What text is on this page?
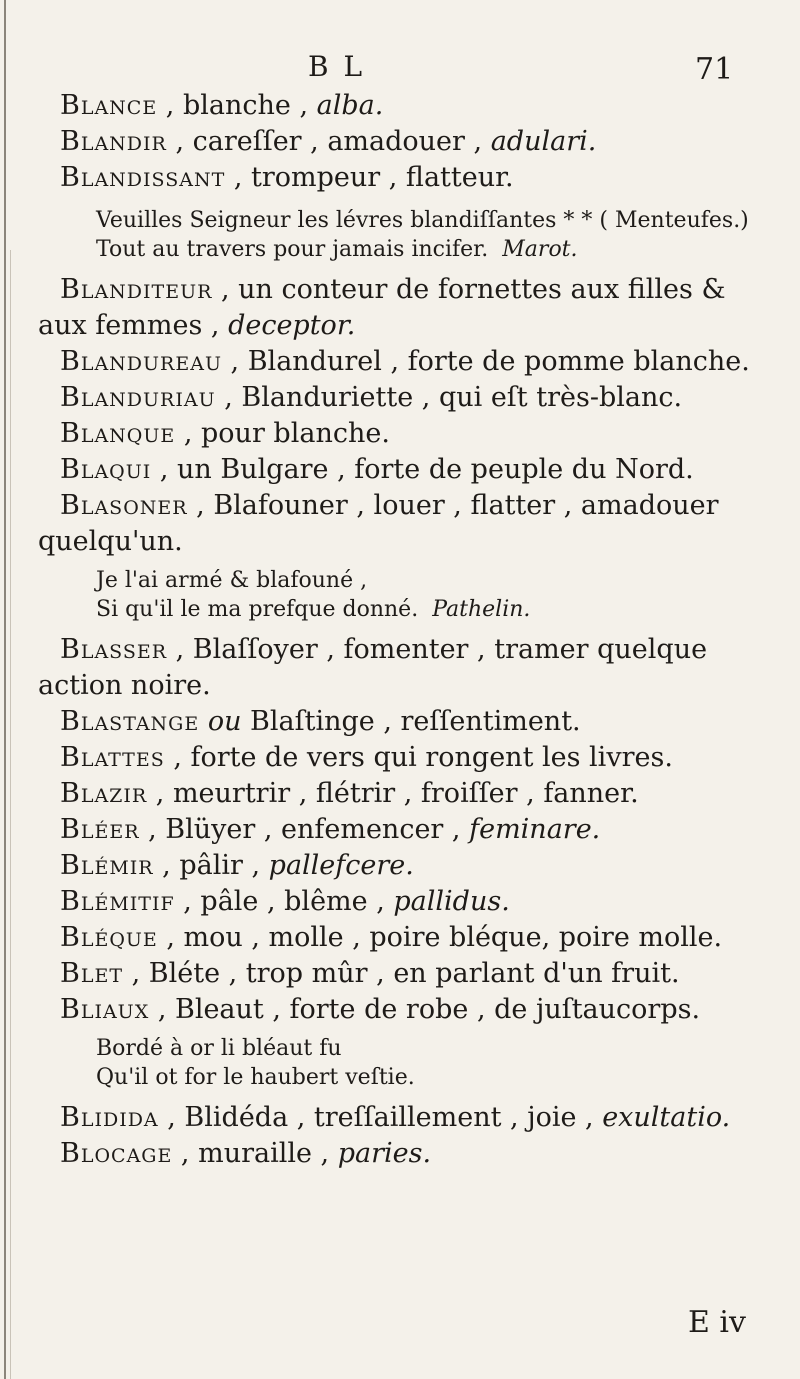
B L	71

Blance , blanche , alba.

Blandir , careſſer , amadouer , adulari.

Blandissant , trompeur , flatteur.

Veuilles Seigneur les lévres blandiſſantes * * ( Menteufes.)
Tout au travers pour jamais incifer. Marot.

Blanditeur , un conteur de fornettes aux filles & aux femmes , deceptor.

Blandureau , Blandurel , forte de pomme blanche.

Blanduriau , Blanduriette , qui eſt très-blanc.

Blanque , pour blanche.

Blaqui , un Bulgare , forte de peuple du Nord.

Blasoner , Blafouner , louer , flatter , amadouer quelqu'un.

Je l'ai armé & blafouné ,
Si qu'il le ma prefque donné. Pathelin.

Blasser , Blaſſoyer , fomenter , tramer quelque action noire.

Blastange ou Blaſtinge , reſſentiment.

Blattes , forte de vers qui rongent les livres.

Blazir , meurtrir , flétrir , froiſſer , fanner.

Bléer , Blüyer , enfemencer , feminare.

Blémir , pâlir , pallefcere.

Blémitif , pâle , blême , pallidus.

Bléque , mou , molle , poire bléque, poire molle.

Blet , Bléte , trop mûr , en parlant d'un fruit.

Bliaux , Bleaut , forte de robe , de juſtaucorps.

Bordé à or li bléaut fu
Qu'il ot for le haubert veſtie.

Blidida , Blidéda , treſſaillement , joie , exultatio.

Blocage , muraille , paries.

E iv
